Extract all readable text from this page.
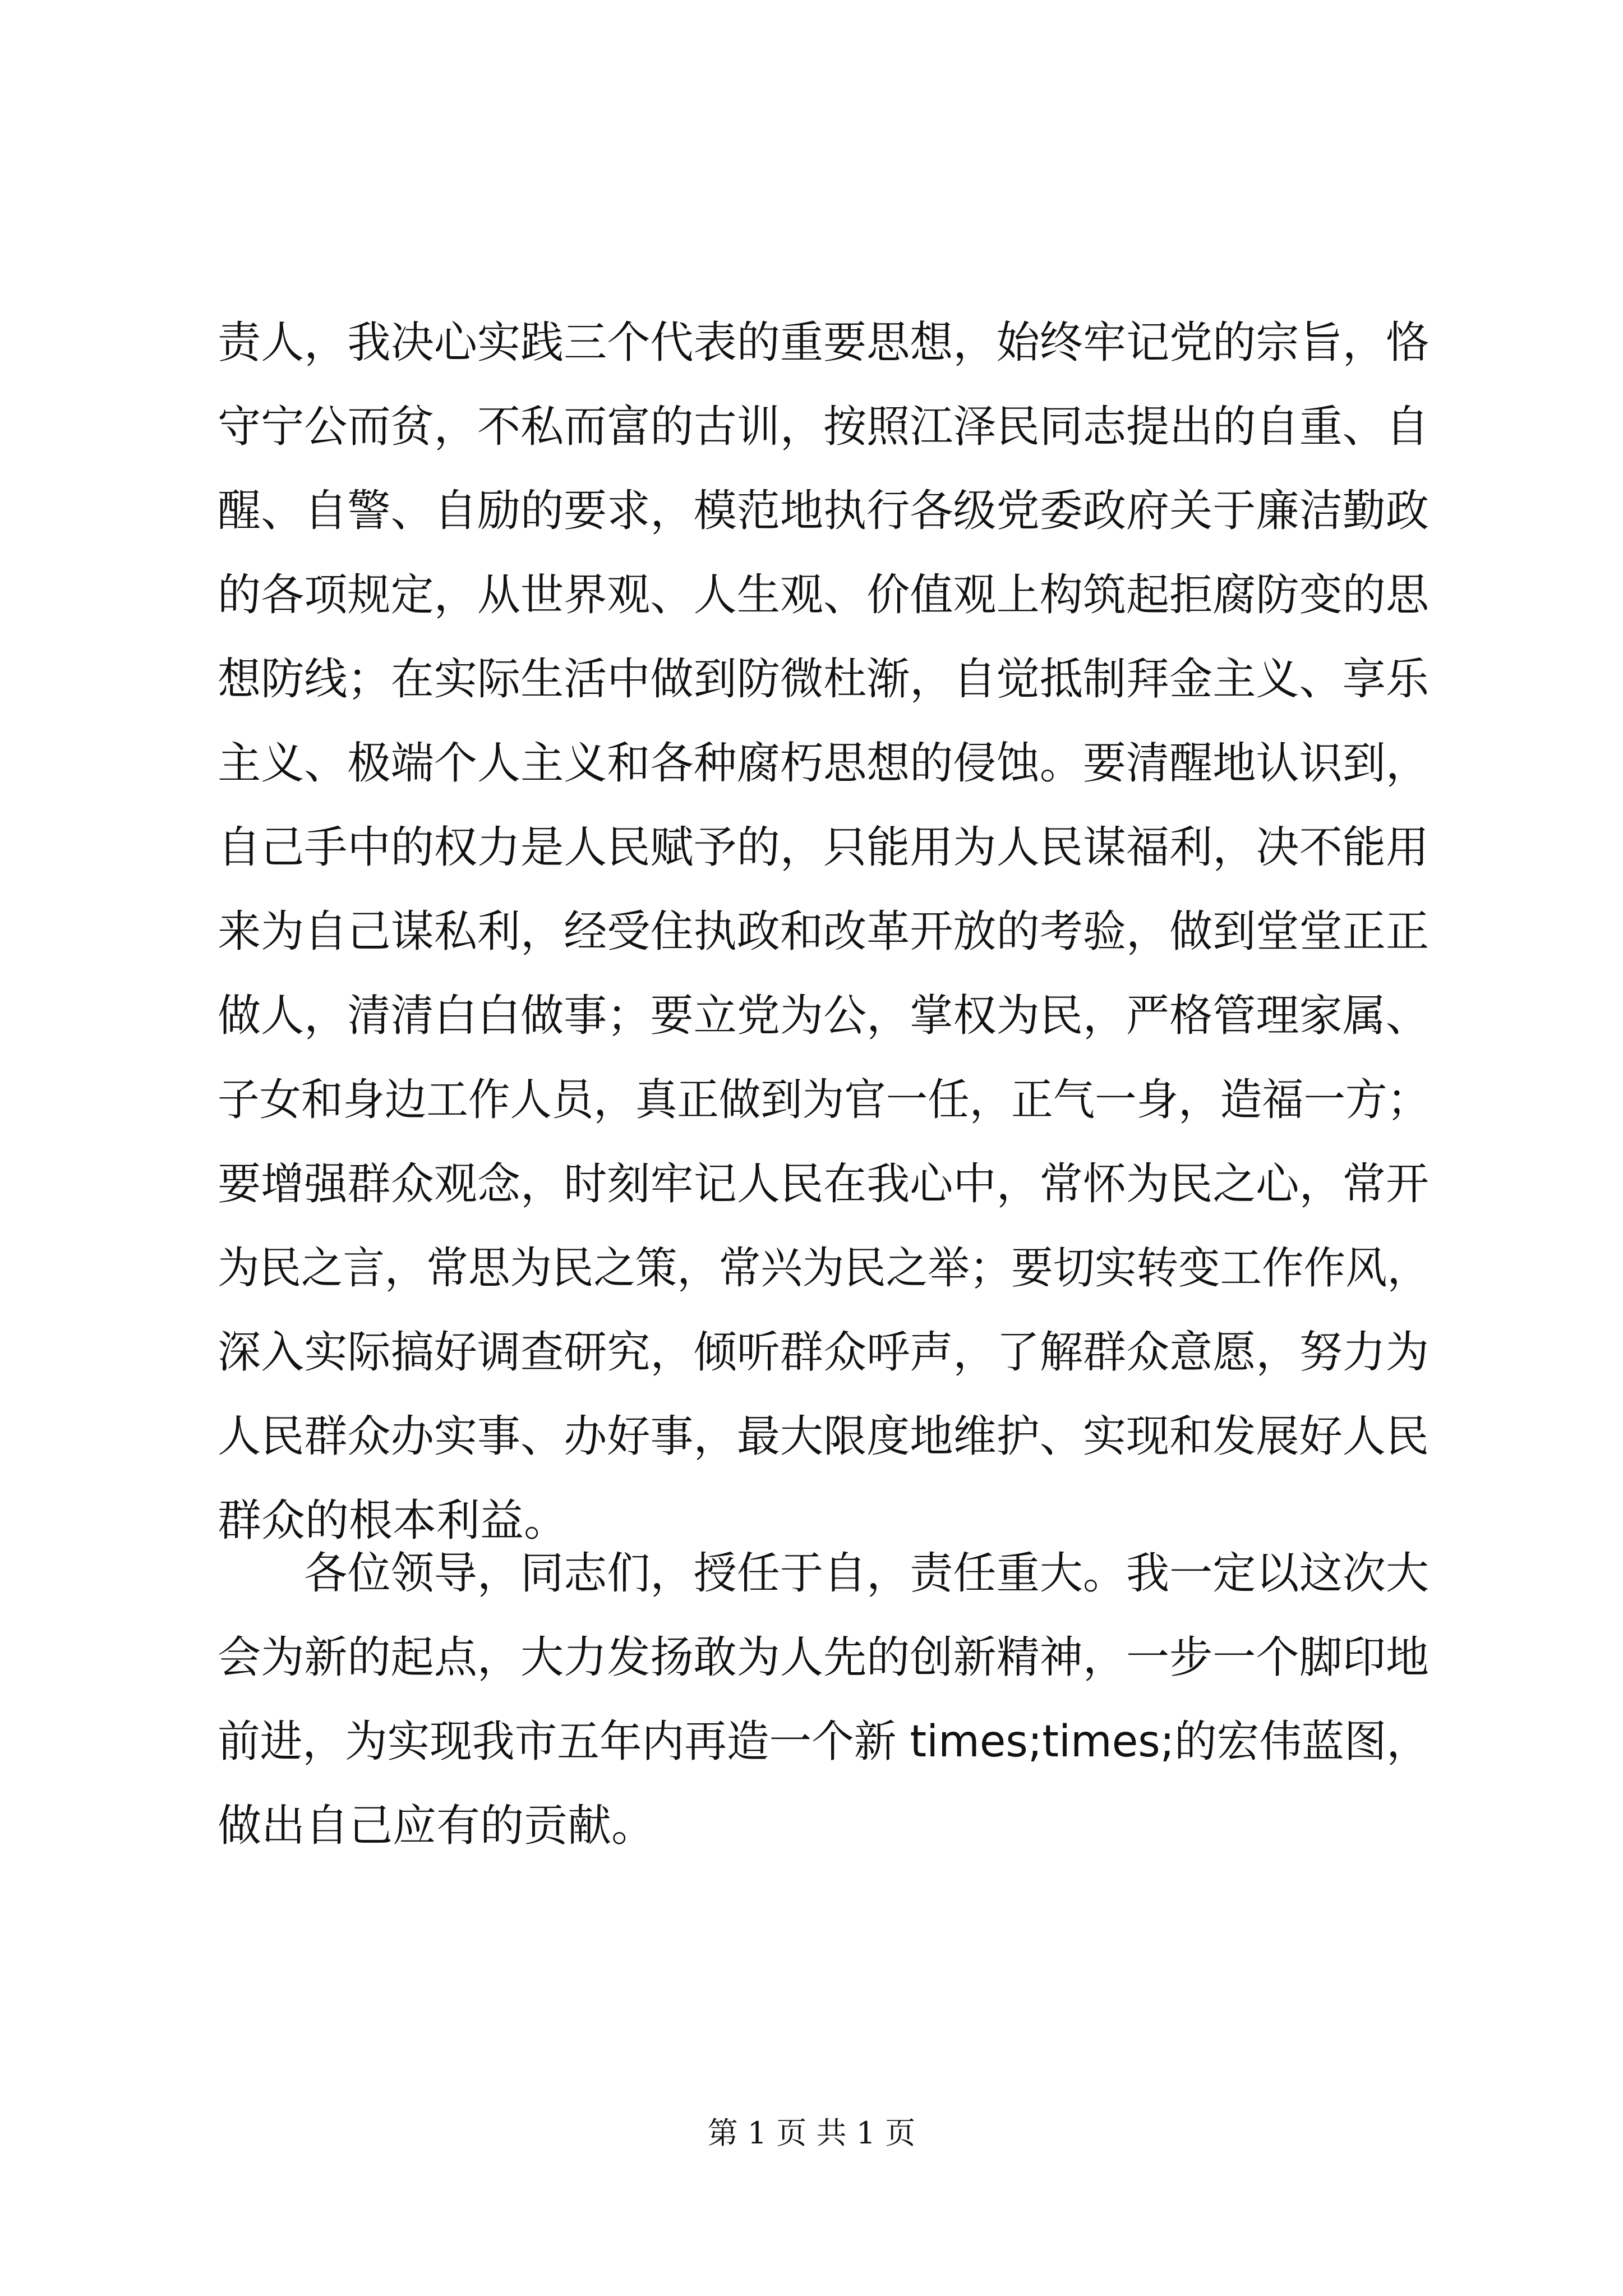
责人，我决心实践三个代表的重要思想，始终牢记党的宗旨，恪
守宁公而贫，不私而富的古训，按照江泽民同志提出的自重、自
醒、自警、自励的要求，模范地执行各级党委政府关于廉洁勤政
的各项规定，从世界观、人生观、价值观上构筑起拒腐防变的思
想防线；在实际生活中做到防微杜渐，自觉抵制拜金主义、享乐
主义、极端个人主义和各种腐朽思想的侵蚀。要清醒地认识到，
自己手中的权力是人民赋予的，只能用为人民谋福利，决不能用
来为自己谋私利，经受住执政和改革开放的考验，做到堂堂正正
做人，清清白白做事；要立党为公，掌权为民，严格管理家属、
子女和身边工作人员，真正做到为官一任，正气一身，造福一方；
要增强群众观念，时刻牢记人民在我心中，常怀为民之心，常开
为民之言，常思为民之策，常兴为民之举；要切实转变工作作风，
深入实际搞好调查研究，倾听群众呼声，了解群众意愿，努力为
人民群众办实事、办好事，最大限度地维护、实现和发展好人民
群众的根本利益。
　　各位领导，同志们，授任于自，责任重大。我一定以这次大
会为新的起点，大力发扬敢为人先的创新精神，一步一个脚印地
前进，为实现我市五年内再造一个新 times;times;的宏伟蓝图，
做出自己应有的贡献。
第 1 页 共 1 页
